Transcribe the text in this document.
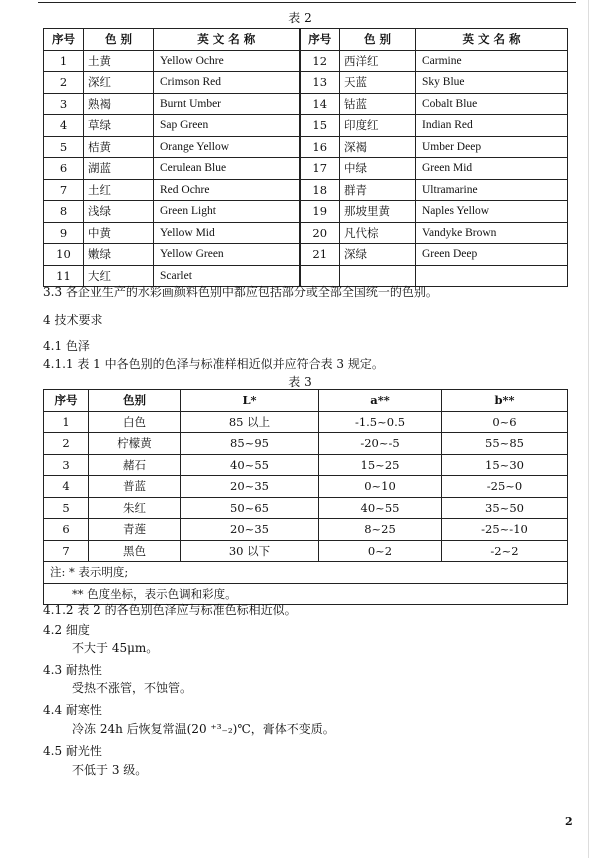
表 2
序号	色 别	英 文 名 称	序号	色 别	英 文 名 称
1	土黄	Yellow Ochre	12	西洋红	Carmine
2	深红	Crimson Red	13	天蓝	Sky Blue
3	熟褐	Burnt Umber	14	钴蓝	Cobalt Blue
4	草绿	Sap Green	15	印度红	Indian Red
5	桔黄	Orange Yellow	16	深褐	Umber Deep
6	湖蓝	Cerulean Blue	17	中绿	Green Mid
7	土红	Red Ochre	18	群青	Ultramarine
8	浅绿	Green Light	19	那坡里黄	Naples Yellow
9	中黄	Yellow Mid	20	凡代棕	Vandyke Brown
10	嫩绿	Yellow Green	21	深绿	Green Deep
11	大红	Scarlet			
3.3 各企业生产的水彩画颜料色别中都应包括部分或全部全国统一的色别。
4 技术要求
4.1 色泽
4.1.1 表 1 中各色别的色泽与标准样相近似并应符合表 3 规定。
表 3
序号	色别	L*	a**	b**
1	白色	85 以上	-1.5~0.5	0~6
2	柠檬黄	85~95	-20~-5	55~85
3	赭石	40~55	15~25	15~30
4	普蓝	20~35	0~10	-25~0
5	朱红	50~65	40~55	35~50
6	青莲	20~35	8~25	-25~-10
7	黑色	30 以下	0~2	-2~2
注: * 表示明度;				
** 色度坐标，表示色调和彩度。				
4.1.2 表 2 的各色别色泽应与标准色标相近似。
4.2 细度
不大于 45μm。
4.3 耐热性
受热不涨管，不蚀管。
4.4 耐寒性
冷冻 24h 后恢复常温(20 ⁺³₋₂)℃，膏体不变质。
4.5 耐光性
不低于 3 级。
2
